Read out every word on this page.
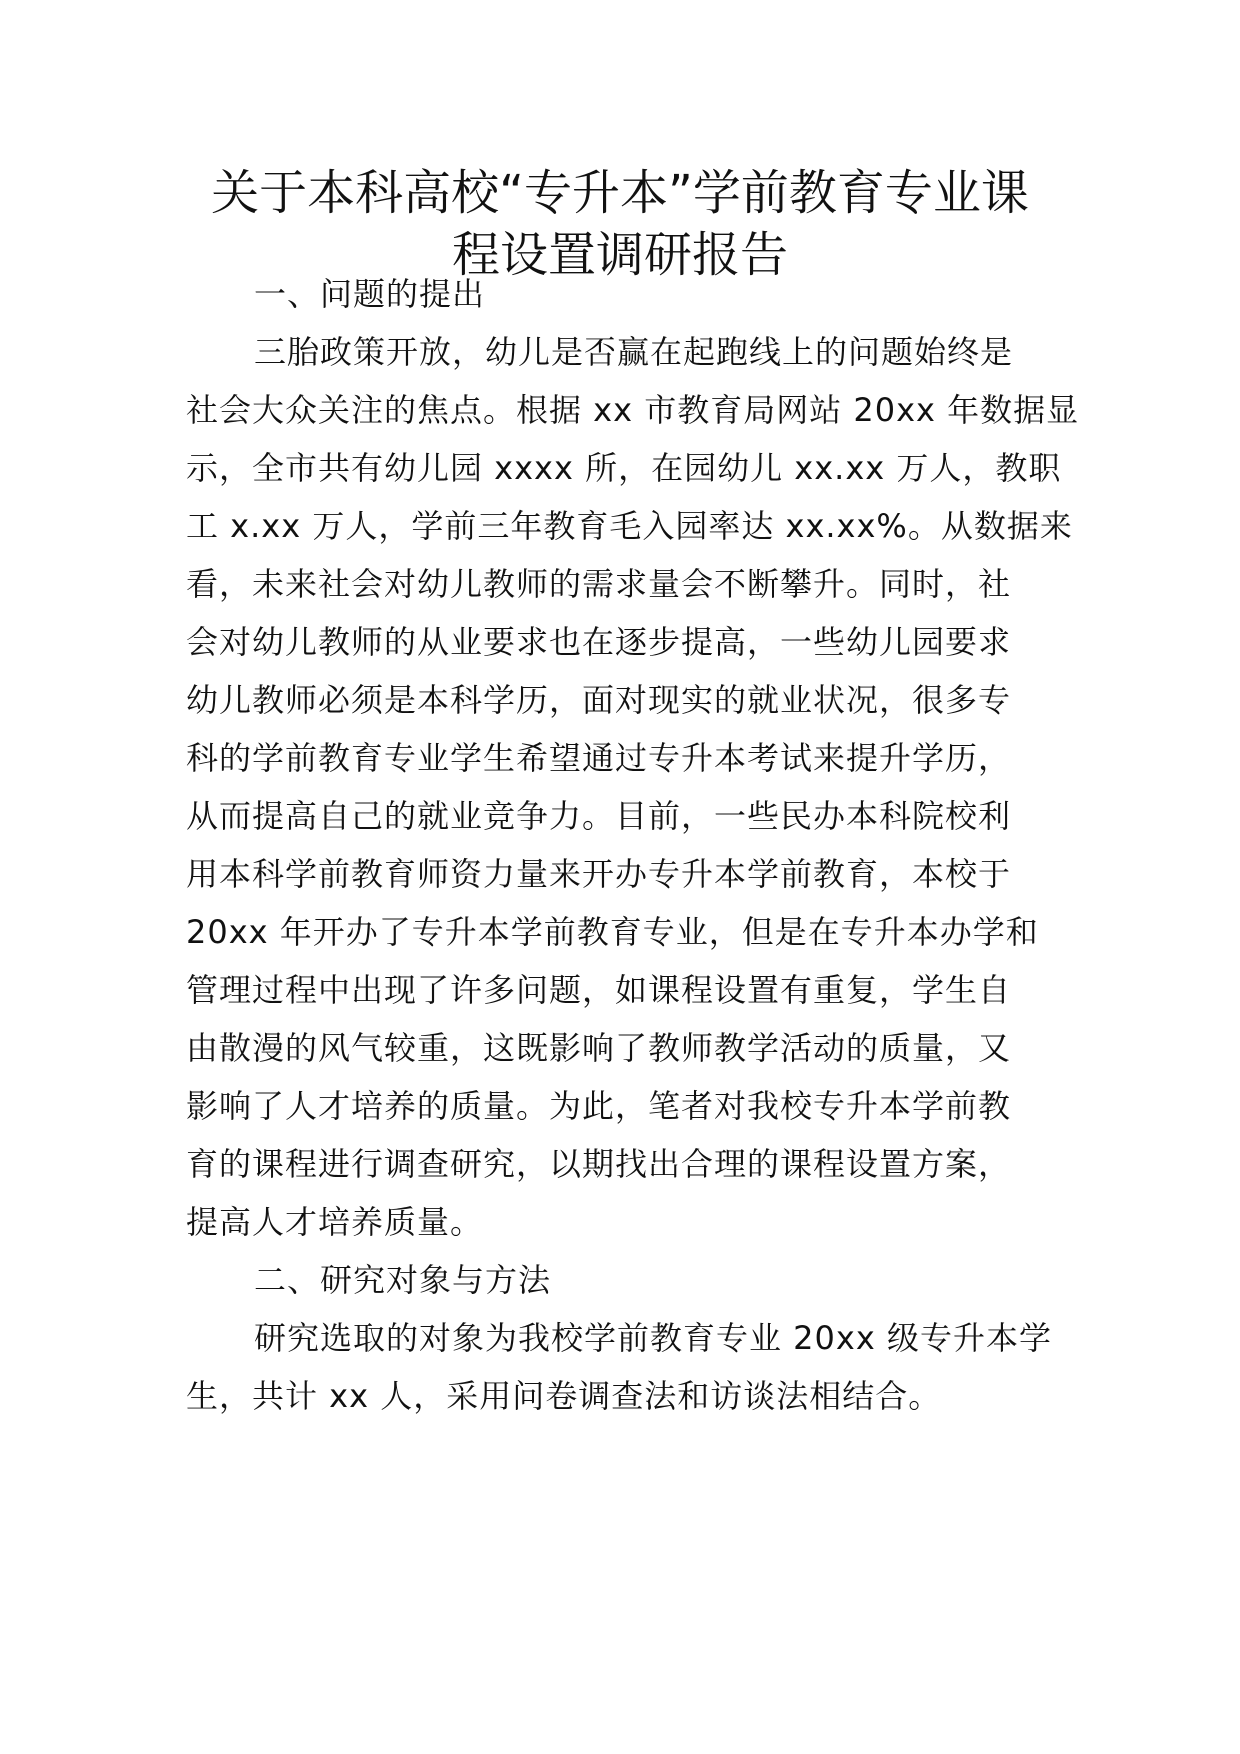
关于本科高校“专升本”学前教育专业课
程设置调研报告
一、问题的提出
三胎政策开放，幼儿是否赢在起跑线上的问题始终是
社会大众关注的焦点。根据 xx 市教育局网站 20xx 年数据显
示，全市共有幼儿园 xxxx 所，在园幼儿 xx.xx 万人，教职
工 x.xx 万人，学前三年教育毛入园率达 xx.xx%。从数据来
看，未来社会对幼儿教师的需求量会不断攀升。同时，社
会对幼儿教师的从业要求也在逐步提高，一些幼儿园要求
幼儿教师必须是本科学历，面对现实的就业状况，很多专
科的学前教育专业学生希望通过专升本考试来提升学历，
从而提高自己的就业竞争力。目前，一些民办本科院校利
用本科学前教育师资力量来开办专升本学前教育，本校于
20xx 年开办了专升本学前教育专业，但是在专升本办学和
管理过程中出现了许多问题，如课程设置有重复，学生自
由散漫的风气较重，这既影响了教师教学活动的质量，又
影响了人才培养的质量。为此，笔者对我校专升本学前教
育的课程进行调查研究，以期找出合理的课程设置方案，
提高人才培养质量。
二、研究对象与方法
研究选取的对象为我校学前教育专业 20xx 级专升本学
生，共计 xx 人，采用问卷调查法和访谈法相结合。
